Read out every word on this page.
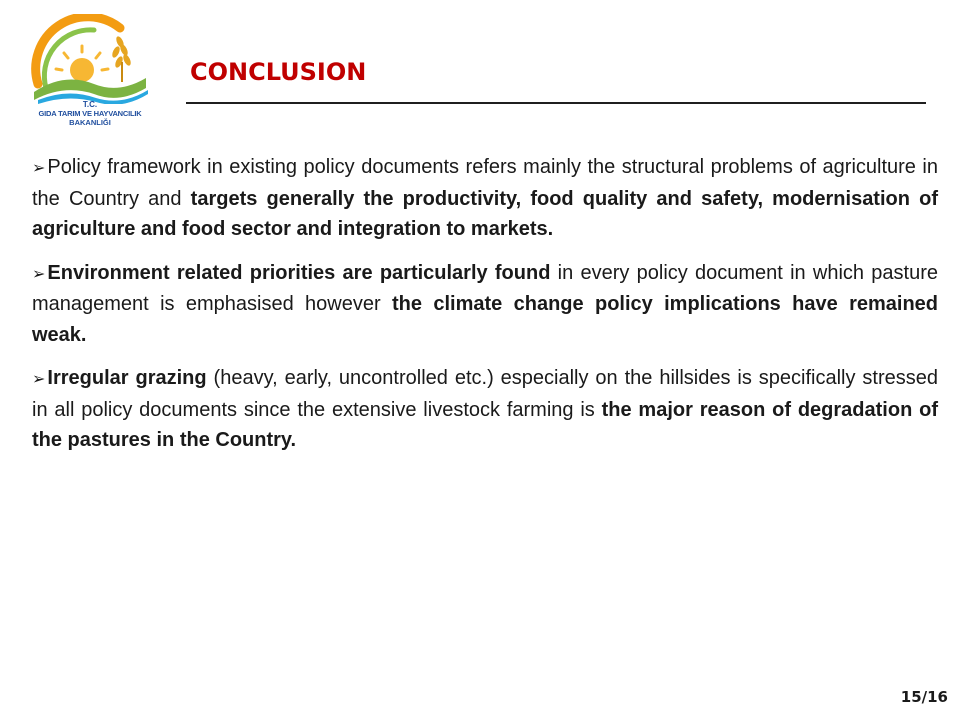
T.C.
GIDA TARIM VE HAYVANCILIK
BAKANLIĞI
CONCLUSION

➢ Policy framework in existing policy documents refers mainly the structural problems of agriculture in the Country and targets generally the productivity, food quality and safety, modernisation of agriculture and food sector and integration to markets.

➢ Environment related priorities are particularly found in every policy document in which pasture management is emphasised however the climate change policy implications have remained weak.

➢ Irregular grazing (heavy, early, uncontrolled etc.) especially on the hillsides is specifically stressed in all policy documents since the extensive livestock farming is the major reason of degradation of the pastures in the Country.

15/16
